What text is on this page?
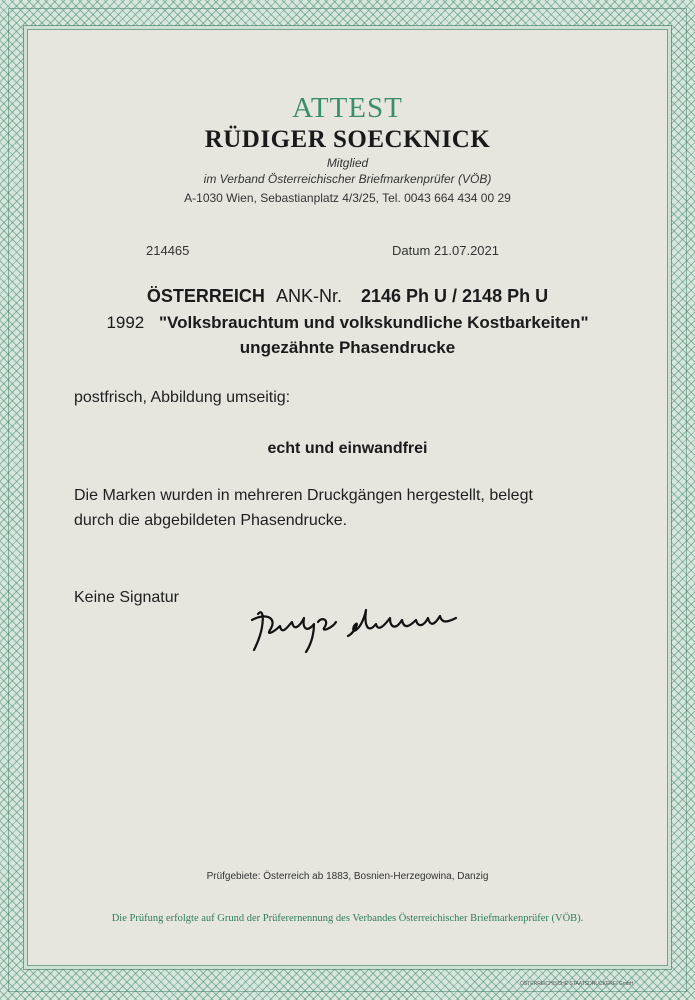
ATTEST
RÜDIGER SOECKNICK
Mitglied
im Verband Österreichischer Briefmarkenprüfer (VÖB)
A-1030 Wien, Sebastianplatz 4/3/25, Tel. 0043 664 434 00 29
214465	Datum 21.07.2021
ÖSTERREICH ANK-Nr. 2146 Ph U / 2148 Ph U
1992 "Volksbrauchtum und volkskundliche Kostbarkeiten"
ungezähnte Phasendrucke
postfrisch, Abbildung umseitig:
echt und einwandfrei
Die Marken wurden in mehreren Druckgängen hergestellt, belegt
durch die abgebildeten Phasendrucke.
Keine Signatur
Prüfgebiete: Österreich ab 1883, Bosnien-Herzegowina, Danzig
Die Prüfung erfolgte auf Grund der Prüferernennung des Verbandes Österreichischer Briefmarkenprüfer (VÖB).
ÖSTERREICHISCHE STAATSDRUCKEREI GmbH
